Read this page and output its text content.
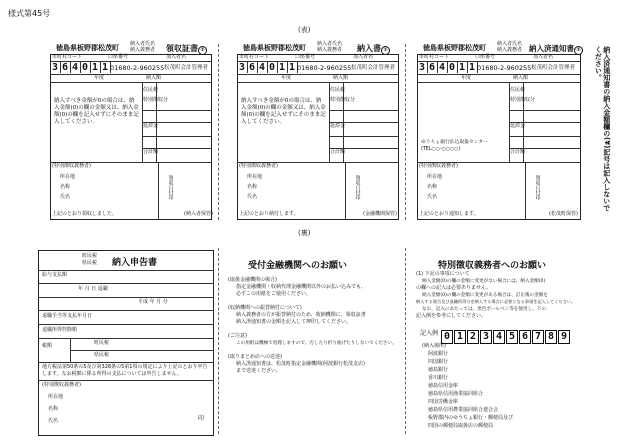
様式第45号
(表)
(裏)
徳島県板野郡松茂町 納入者氏名
納入義務者 領収証書 ②
市町村コード	口座番号	加入者名
3 6 4 0 1 1 01680-2-960255 松茂町会計管理者
年度	納入額
納入すべき金額が0の場合は、納入金額(0)の欄の金額又は、納入金額(0)の欄を記入せずにそのまま記入してください。
住民税
特別徴収分
延滞金
合計額
(特別徴収義務者)
所在地
名称
氏名	領収日付印
上記のとおり領収しました。	(納入者保管)
徳島県板野郡松茂町 納入者氏名
納入義務者 納入書 ②
市町村コード	口座番号	加入者名
3 6 4 0 1 1 01680-2-960255 松茂町会計管理者
年度	納入額
納入すべき金額が0の場合は、納入金額(0)の欄の金額又は、納入金額(0)の欄を記入せずにそのまま記入してください。
住民税
特別徴収分
延滞金
合計額
(特別徴収義務者)
所在地
名称
氏名	領収日付印
上記のとおり納付します。	(金融機関保管)
徳島県板野郡松茂町 納入者氏名
納入義務者 納入済通知書 ②
市町村コード	口座番号	加入者名
3 6 4 0 1 1 01680-2-960255 松茂町会計管理者
年度	納入額
ゆうちょ銀行払込取扱センター
(TEL○○-○○○○)
住民税
特別徴収分
延滞金
合計額
(特別徴収義務者)
所在地
名称
氏名	領収日付印
上記のとおり通知します。	(松茂町保管)
納入済通知書の納入金額欄の(¥)記号は記入しないでください。
町民税
県民税 納入申告書
給与支払額
年 月 日 退職
平成 年 月 分
退職手当等支払年月日
退職所得控除額
税額	町民税
県民税
地方税法第50条の5及び第328条の5第1項の規定により上記のとおり申告します。なお税額に係る所得の支払については申告しません。
(特別徴収義務者)
所在地
名称
氏名	印
受付金融機関へのお願い
(取扱金融機関の場合)
指定金融機関・収納代理金融機関以外のお払い込みでも、
必ずこの用紙をご使用ください。
(収納機関への振替納付について)
納入義務者の方が振替納付のため、收納機関に、領収証書
納入済通知書の金額を記入して押印してください。
(ご注意)
この用紙は機械で処理しますので、汚したり折り曲げたりしないでください。
(取りまとめ店への送達)
納入済通知書は、松茂町指定金融機関(阿波銀行松茂支店)
まで送達ください。
特別徴収義務者へのお願い
(1) 下記の事項について
納入金額(0)の欄の金額に変更がない場合には、納入金額(0)
の欄への記入は必要ありません。
納入金額(0)の欄の金額に変更がある場合は、訂正後の金額を
納入する場合及び退職所得分を納入する場合に必要となる事項を記入してください。
なお、記入にあたっては、黒色ボールペン等を使用し、下の
記入例を参考にしてください。
記入例 0 1 2 3 4 5 6 7 8 9
(納入場所)
阿波銀行
四国銀行
徳島銀行
香川銀行
徳島信用金庫
徳島県信用漁業協同組合
四国労働金庫
徳島県信用農業協同組合連合会
板野郡内のゆうちょ銀行・郵便局及び
四国の郵便局取扱店の郵便局
